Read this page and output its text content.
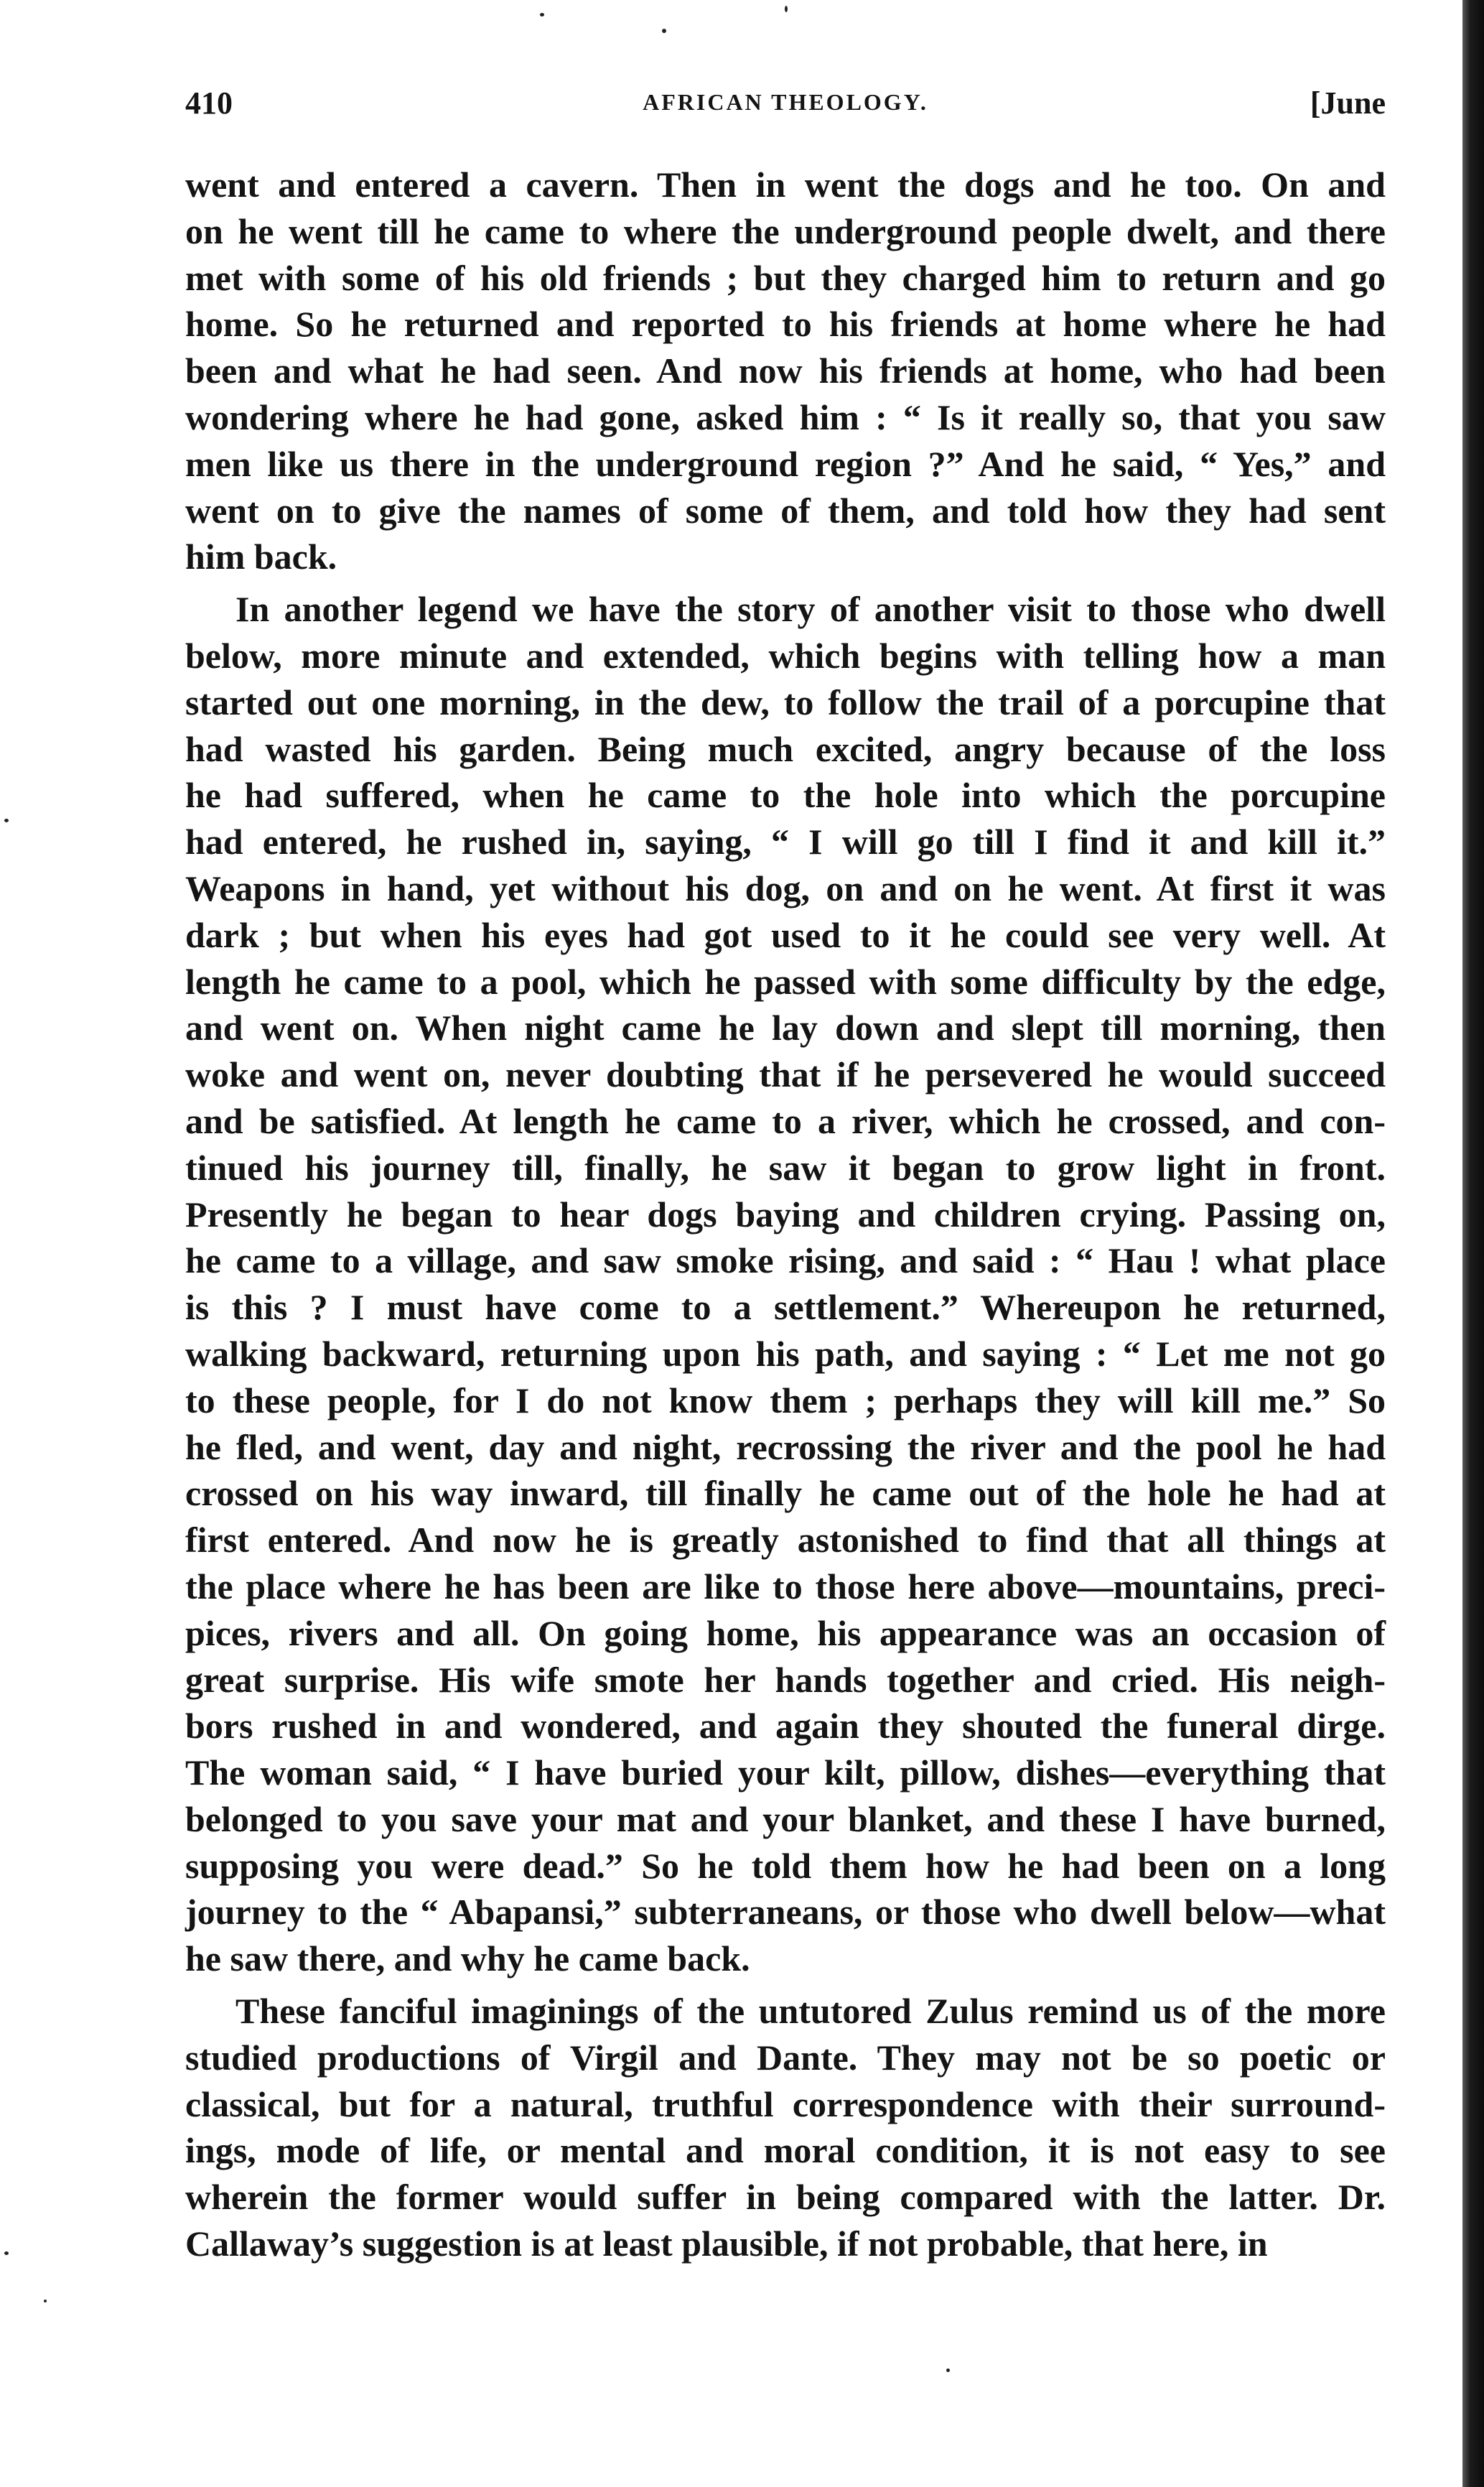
410	AFRICAN THEOLOGY.	[June
went and entered a cavern. Then in went the dogs and he too. On and
on he went till he came to where the underground people dwelt, and there
met with some of his old friends ; but they charged him to return and go
home. So he returned and reported to his friends at home where he had
been and what he had seen. And now his friends at home, who had been
wondering where he had gone, asked him : “ Is it really so, that you saw
men like us there in the underground region ?” And he said, “ Yes,” and
went on to give the names of some of them, and told how they had sent
him back.
In another legend we have the story of another visit to those who dwell
below, more minute and extended, which begins with telling how a man
started out one morning, in the dew, to follow the trail of a porcupine that
had wasted his garden. Being much excited, angry because of the loss
he had suffered, when he came to the hole into which the porcupine
had entered, he rushed in, saying, “ I will go till I find it and kill it.”
Weapons in hand, yet without his dog, on and on he went. At first it was
dark ; but when his eyes had got used to it he could see very well. At
length he came to a pool, which he passed with some difficulty by the edge,
and went on. When night came he lay down and slept till morning, then
woke and went on, never doubting that if he persevered he would succeed
and be satisfied. At length he came to a river, which he crossed, and con-
tinued his journey till, finally, he saw it began to grow light in front.
Presently he began to hear dogs baying and children crying. Passing on,
he came to a village, and saw smoke rising, and said : “ Hau ! what place
is this ? I must have come to a settlement.” Whereupon he returned,
walking backward, returning upon his path, and saying : “ Let me not go
to these people, for I do not know them ; perhaps they will kill me.” So
he fled, and went, day and night, recrossing the river and the pool he had
crossed on his way inward, till finally he came out of the hole he had at
first entered. And now he is greatly astonished to find that all things at
the place where he has been are like to those here above—mountains, preci-
pices, rivers and all. On going home, his appearance was an occasion of
great surprise. His wife smote her hands together and cried. His neigh-
bors rushed in and wondered, and again they shouted the funeral dirge.
The woman said, “ I have buried your kilt, pillow, dishes—everything that
belonged to you save your mat and your blanket, and these I have burned,
supposing you were dead.” So he told them how he had been on a long
journey to the “ Abapansi,” subterraneans, or those who dwell below—what
he saw there, and why he came back.
These fanciful imaginings of the untutored Zulus remind us of the more
studied productions of Virgil and Dante. They may not be so poetic or
classical, but for a natural, truthful correspondence with their surround-
ings, mode of life, or mental and moral condition, it is not easy to see
wherein the former would suffer in being compared with the latter. Dr.
Callaway’s suggestion is at least plausible, if not probable, that here, in
